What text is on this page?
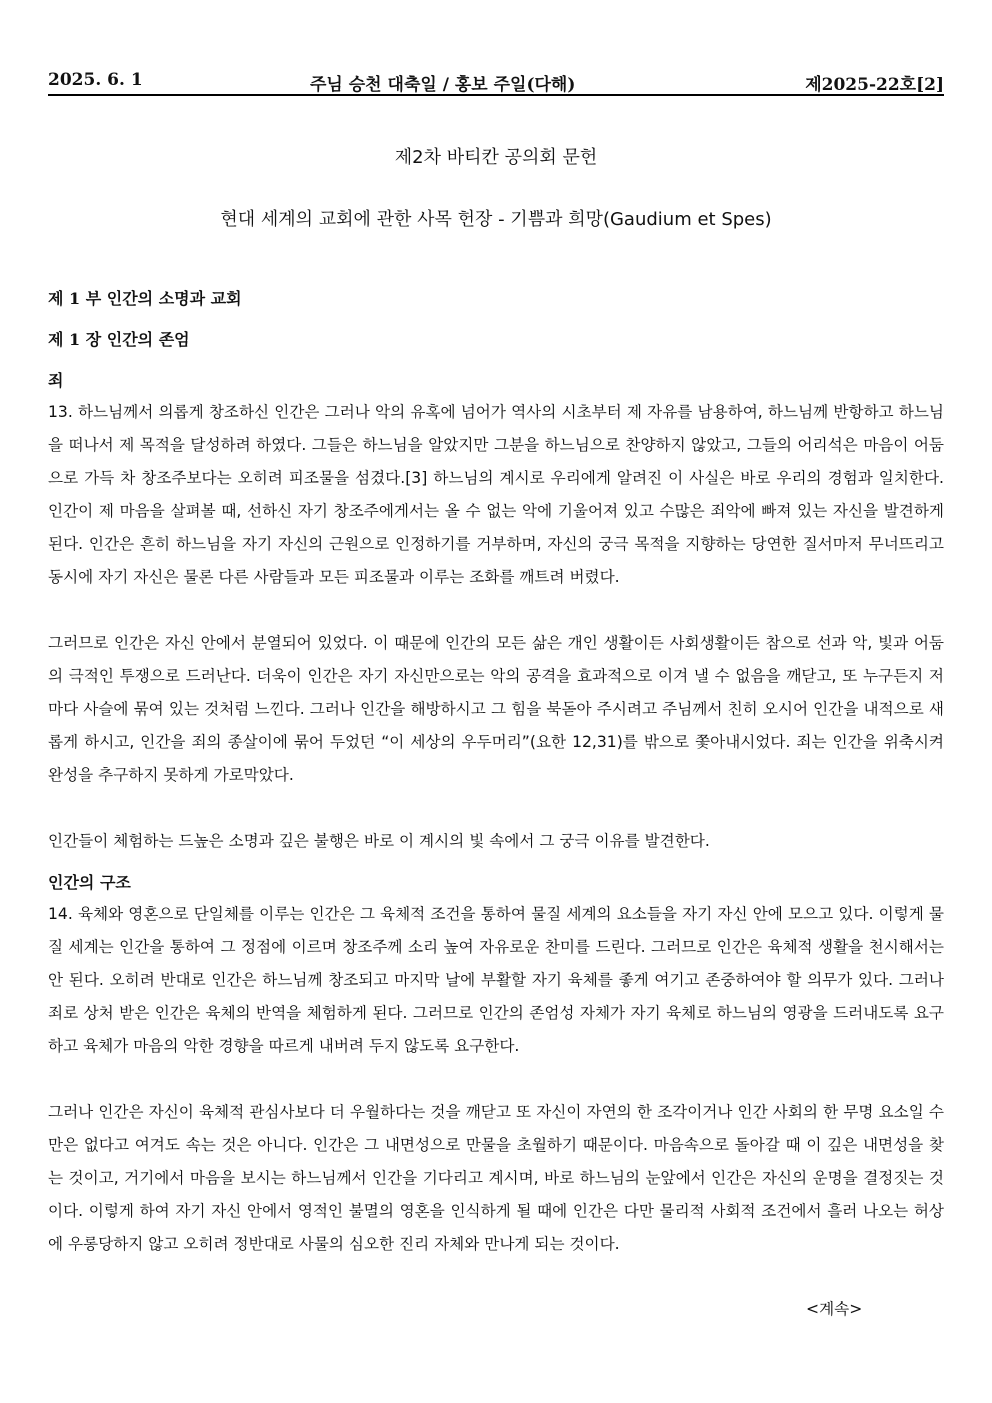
2025. 6. 1	주님 승천 대축일 / 홍보 주일(다해)	제2025-22호[2]
제2차 바티칸 공의회 문헌
현대 세계의 교회에 관한 사목 헌장 - 기쁨과 희망(Gaudium et Spes)
제 1 부 인간의 소명과 교회
제 1 장 인간의 존엄
죄

13. 하느님께서 의롭게 창조하신 인간은 그러나 악의 유혹에 넘어가 역사의 시초부터 제 자유를 남용하여, 하느님께 반항하고 하느님을 떠나서 제 목적을 달성하려 하였다. 그들은 하느님을 알았지만 그분을 하느님으로 찬양하지 않았고, 그들의 어리석은 마음이 어둠으로 가득 차 창조주보다는 오히려 피조물을 섬겼다.[3] 하느님의 계시로 우리에게 알려진 이 사실은 바로 우리의 경험과 일치한다. 인간이 제 마음을 살펴볼 때, 선하신 자기 창조주에게서는 올 수 없는 악에 기울어져 있고 수많은 죄악에 빠져 있는 자신을 발견하게 된다. 인간은 흔히 하느님을 자기 자신의 근원으로 인정하기를 거부하며, 자신의 궁극 목적을 지향하는 당연한 질서마저 무너뜨리고 동시에 자기 자신은 물론 다른 사람들과 모든 피조물과 이루는 조화를 깨트려 버렸다.

그러므로 인간은 자신 안에서 분열되어 있었다. 이 때문에 인간의 모든 삶은 개인 생활이든 사회생활이든 참으로 선과 악, 빛과 어둠의 극적인 투쟁으로 드러난다. 더욱이 인간은 자기 자신만으로는 악의 공격을 효과적으로 이겨 낼 수 없음을 깨닫고, 또 누구든지 저마다 사슬에 묶여 있는 것처럼 느낀다. 그러나 인간을 해방하시고 그 힘을 북돋아 주시려고 주님께서 친히 오시어 인간을 내적으로 새롭게 하시고, 인간을 죄의 종살이에 묶어 두었던 “이 세상의 우두머리”(요한 12,31)를 밖으로 쫓아내시었다. 죄는 인간을 위축시켜 완성을 추구하지 못하게 가로막았다.

인간들이 체험하는 드높은 소명과 깊은 불행은 바로 이 계시의 빛 속에서 그 궁극 이유를 발견한다.

인간의 구조

14. 육체와 영혼으로 단일체를 이루는 인간은 그 육체적 조건을 통하여 물질 세계의 요소들을 자기 자신 안에 모으고 있다. 이렇게 물질 세계는 인간을 통하여 그 정점에 이르며 창조주께 소리 높여 자유로운 찬미를 드린다. 그러므로 인간은 육체적 생활을 천시해서는 안 된다. 오히려 반대로 인간은 하느님께 창조되고 마지막 날에 부활할 자기 육체를 좋게 여기고 존중하여야 할 의무가 있다. 그러나 죄로 상처 받은 인간은 육체의 반역을 체험하게 된다. 그러므로 인간의 존엄성 자체가 자기 육체로 하느님의 영광을 드러내도록 요구하고 육체가 마음의 악한 경향을 따르게 내버려 두지 않도록 요구한다.

그러나 인간은 자신이 육체적 관심사보다 더 우월하다는 것을 깨닫고 또 자신이 자연의 한 조각이거나 인간 사회의 한 무명 요소일 수만은 없다고 여겨도 속는 것은 아니다. 인간은 그 내면성으로 만물을 초월하기 때문이다. 마음속으로 돌아갈 때 이 깊은 내면성을 찾는 것이고, 거기에서 마음을 보시는 하느님께서 인간을 기다리고 계시며, 바로 하느님의 눈앞에서 인간은 자신의 운명을 결정짓는 것이다. 이렇게 하여 자기 자신 안에서 영적인 불멸의 영혼을 인식하게 될 때에 인간은 다만 물리적 사회적 조건에서 흘러 나오는 허상에 우롱당하지 않고 오히려 정반대로 사물의 심오한 진리 자체와 만나게 되는 것이다.

<계속>
